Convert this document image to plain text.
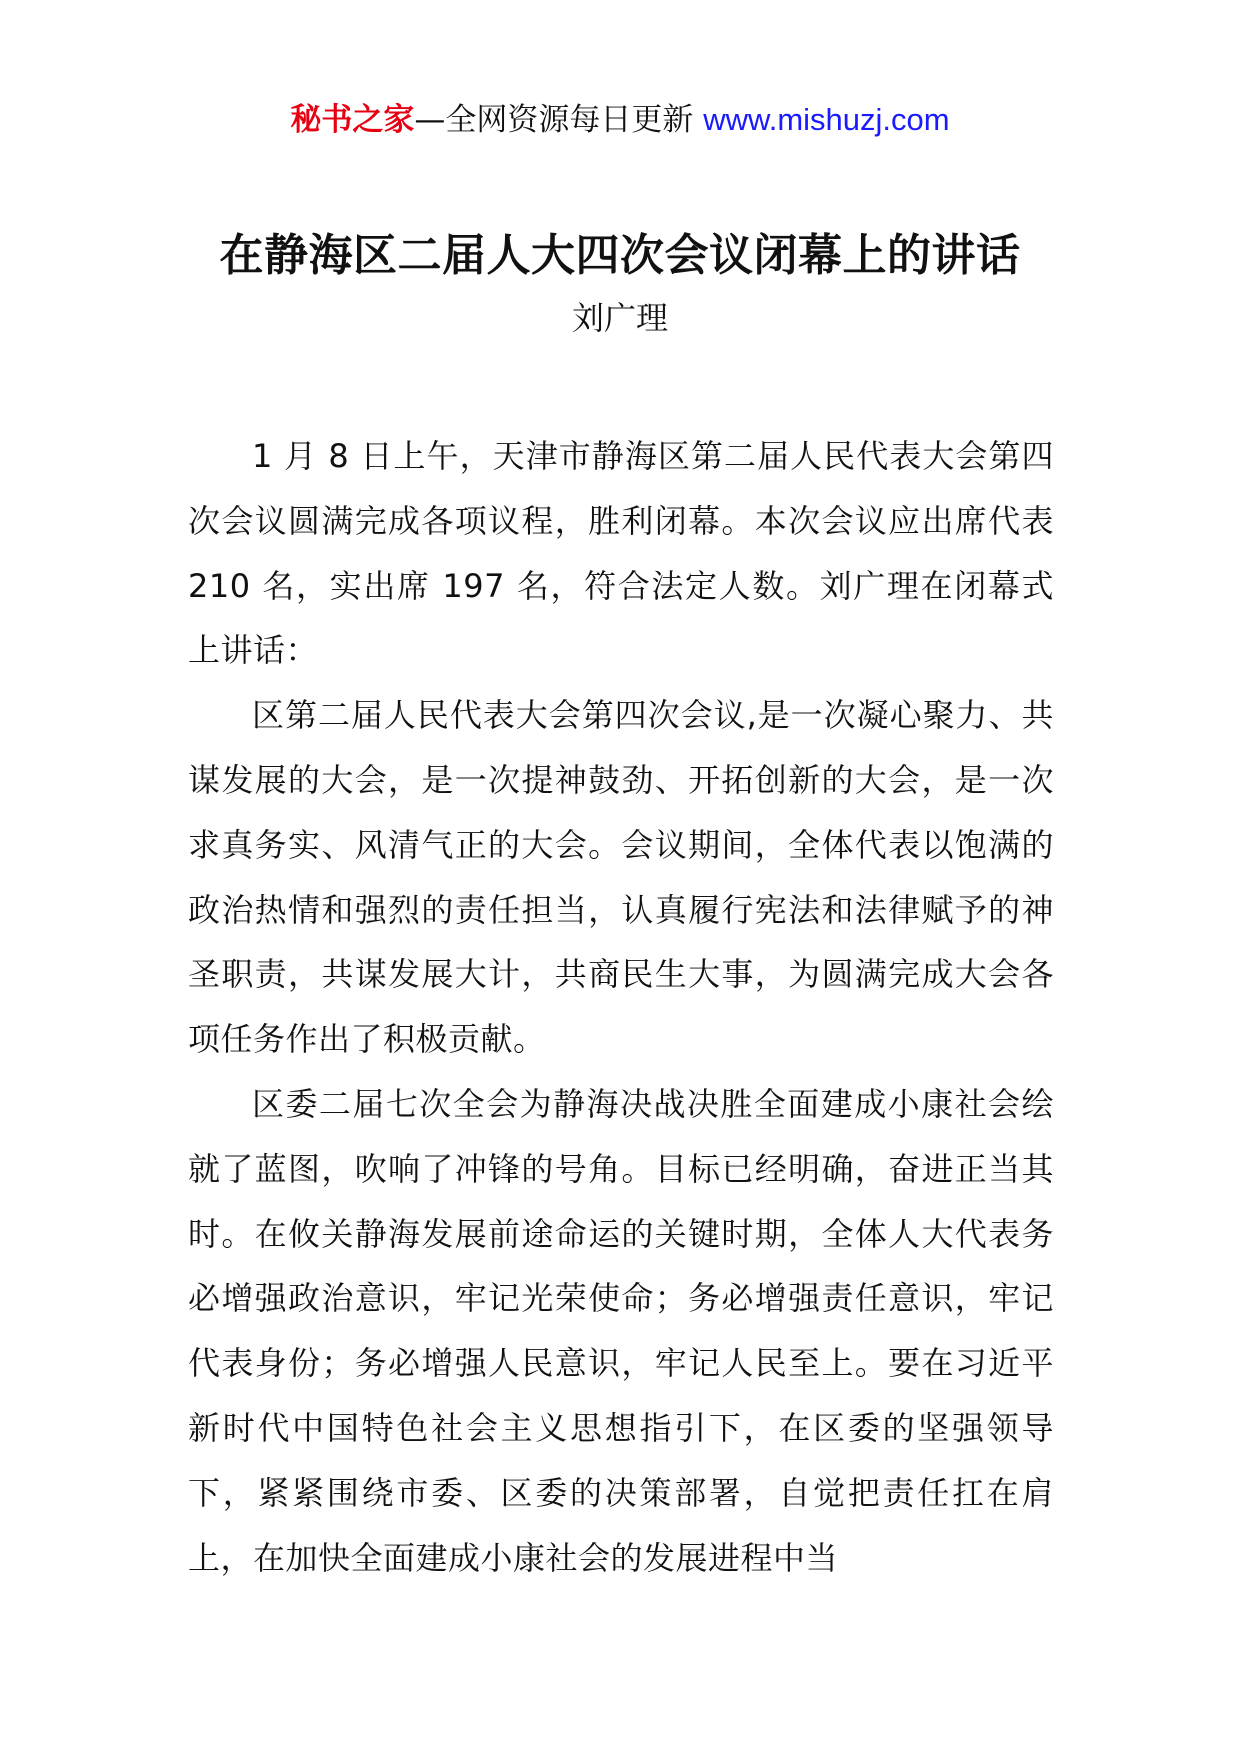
秘书之家—全网资源每日更新 www.mishuzj.com
在静海区二届人大四次会议闭幕上的讲话
刘广理

1 月 8 日上午，天津市静海区第二届人民代表大会第四次会议圆满完成各项议程，胜利闭幕。本次会议应出席代表 210 名，实出席 197 名，符合法定人数。刘广理在闭幕式上讲话：

区第二届人民代表大会第四次会议,是一次凝心聚力、共谋发展的大会，是一次提神鼓劲、开拓创新的大会，是一次求真务实、风清气正的大会。会议期间，全体代表以饱满的政治热情和强烈的责任担当，认真履行宪法和法律赋予的神圣职责，共谋发展大计，共商民生大事，为圆满完成大会各项任务作出了积极贡献。

区委二届七次全会为静海决战决胜全面建成小康社会绘就了蓝图，吹响了冲锋的号角。目标已经明确，奋进正当其时。在攸关静海发展前途命运的关键时期，全体人大代表务必增强政治意识，牢记光荣使命；务必增强责任意识，牢记代表身份；务必增强人民意识，牢记人民至上。要在习近平新时代中国特色社会主义思想指引下，在区委的坚强领导下，紧紧围绕市委、区委的决策部署，自觉把责任扛在肩上，在加快全面建成小康社会的发展进程中当
